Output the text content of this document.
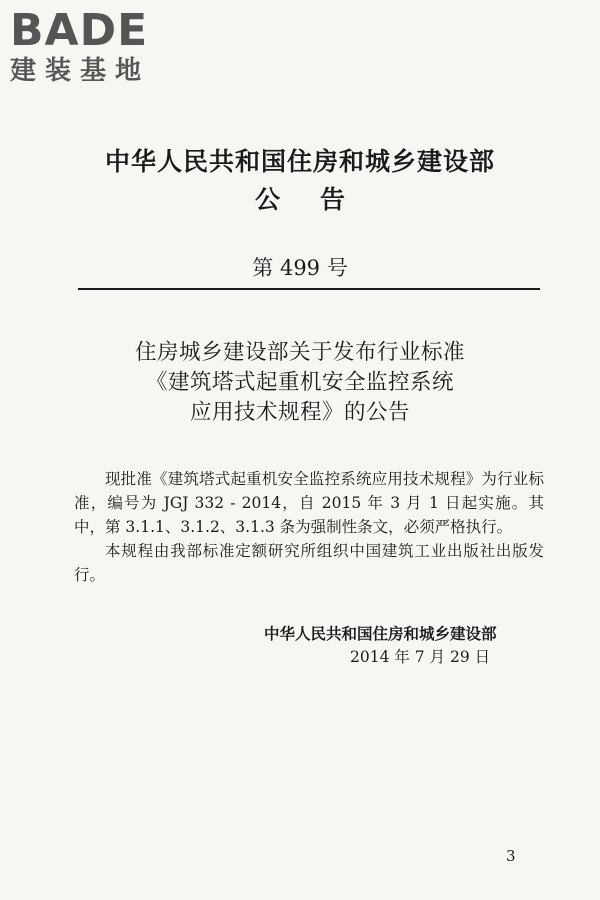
BADE
建装基地
中华人民共和国住房和城乡建设部
公告
第 499 号
住房城乡建设部关于发布行业标准
《建筑塔式起重机安全监控系统
应用技术规程》的公告

现批准《建筑塔式起重机安全监控系统应用技术规程》为行业标准，编号为 JGJ 332 - 2014，自 2015 年 3 月 1 日起实施。其中，第 3.1.1、3.1.2、3.1.3 条为强制性条文，必须严格执行。

本规程由我部标准定额研究所组织中国建筑工业出版社出版发行。

中华人民共和国住房和城乡建设部
2014 年 7 月 29 日
3
